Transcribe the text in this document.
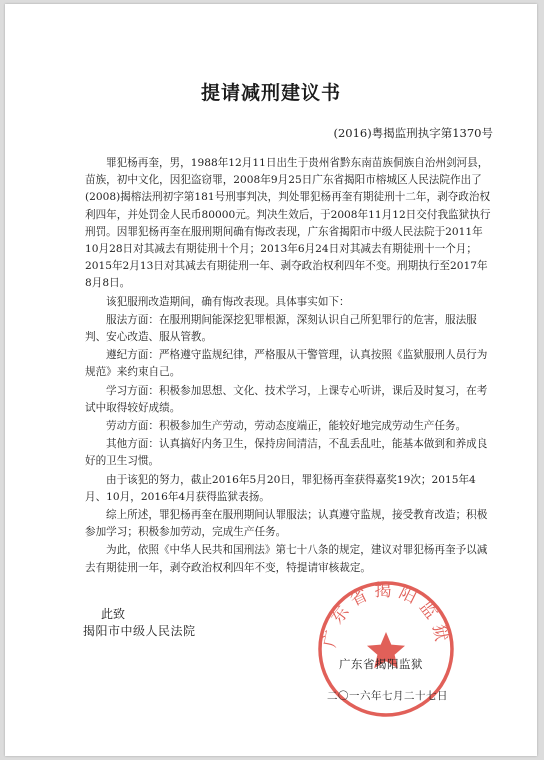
提请减刑建议书
(2016)粤揭监刑执字第1370号

罪犯杨再奎，男，1988年12月11日出生于贵州省黔东南苗族侗族自治州剑河县，苗族，初中文化，因犯盗窃罪，2008年9月25日广东省揭阳市榕城区人民法院作出了(2008)揭榕法刑初字第181号刑事判决，判处罪犯杨再奎有期徒刑十二年，剥夺政治权利四年，并处罚金人民币80000元。判决生效后，于2008年11月12日交付我监狱执行刑罚。因罪犯杨再奎在服刑期间确有悔改表现，广东省揭阳市中级人民法院于2011年10月28日对其减去有期徒刑十个月；2013年6月24日对其减去有期徒刑十一个月；2015年2月13日对其减去有期徒刑一年、剥夺政治权利四年不变。刑期执行至2017年8月8日。

该犯服刑改造期间，确有悔改表现。具体事实如下：

服法方面：在服刑期间能深挖犯罪根源，深刻认识自己所犯罪行的危害，服法服判、安心改造、服从管教。

遵纪方面：严格遵守监规纪律，严格服从干警管理，认真按照《监狱服刑人员行为规范》来约束自己。

学习方面：积极参加思想、文化、技术学习，上课专心听讲，课后及时复习，在考试中取得较好成绩。

劳动方面：积极参加生产劳动，劳动态度端正，能较好地完成劳动生产任务。

其他方面：认真搞好内务卫生，保持房间清洁，不乱丢乱吐，能基本做到和养成良好的卫生习惯。

由于该犯的努力，截止2016年5月20日，罪犯杨再奎获得嘉奖19次；2015年4月、10月，2016年4月获得监狱表扬。

综上所述，罪犯杨再奎在服刑期间认罪服法；认真遵守监规，接受教育改造；积极参加学习；积极参加劳动，完成生产任务。

为此，依照《中华人民共和国刑法》第七十八条的规定，建议对罪犯杨再奎予以减去有期徒刑一年，剥夺政治权利四年不变，特提请审核裁定。

此致
揭阳市中级人民法院	广东省揭阳监狱
广东省揭阳监狱
二〇一六年七月二十七日
